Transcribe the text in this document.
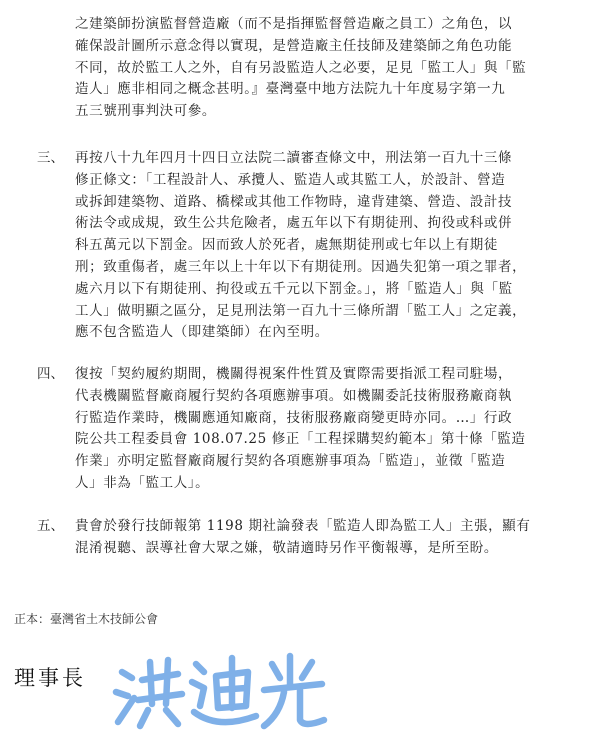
之建築師扮演監督營造廠（而不是指揮監督營造廠之員工）之角色，以
確保設計圖所示意念得以實現，是營造廠主任技師及建築師之角色功能
不同，故於監工人之外，自有另設監造人之必要，足見「監工人」與「監
造人」應非相同之概念甚明。』臺灣臺中地方法院九十年度易字第一九
五三號刑事判決可參。
三、 再按八十九年四月十四日立法院二讀審查條文中，刑法第一百九十三條
修正條文：「工程設計人、承攬人、監造人或其監工人，於設計、營造
或拆卸建築物、道路、橋樑或其他工作物時，違背建築、營造、設計技
術法令或成規，致生公共危險者，處五年以下有期徒刑、拘役或科或併
科五萬元以下罰金。因而致人於死者，處無期徒刑或七年以上有期徒
刑；致重傷者，處三年以上十年以下有期徒刑。因過失犯第一項之罪者，
處六月以下有期徒刑、拘役或五千元以下罰金。」，將「監造人」與「監
工人」做明顯之區分，足見刑法第一百九十三條所謂「監工人」之定義，
應不包含監造人（即建築師）在內至明。
四、 復按「契約履約期間，機關得視案件性質及實際需要指派工程司駐場，
代表機關監督廠商履行契約各項應辦事項。如機關委託技術服務廠商執
行監造作業時，機關應通知廠商，技術服務廠商變更時亦同。…」行政
院公共工程委員會 108.07.25 修正「工程採購契約範本」第十條「監造
作業」亦明定監督廠商履行契約各項應辦事項為「監造」，並徵「監造
人」非為「監工人」。
五、 貴會於發行技師報第 1198 期社論發表「監造人即為監工人」主張，顯有
混淆視聽、誤導社會大眾之嫌，敬請適時另作平衡報導，是所至盼。
正本：臺灣省土木技師公會
理事長
